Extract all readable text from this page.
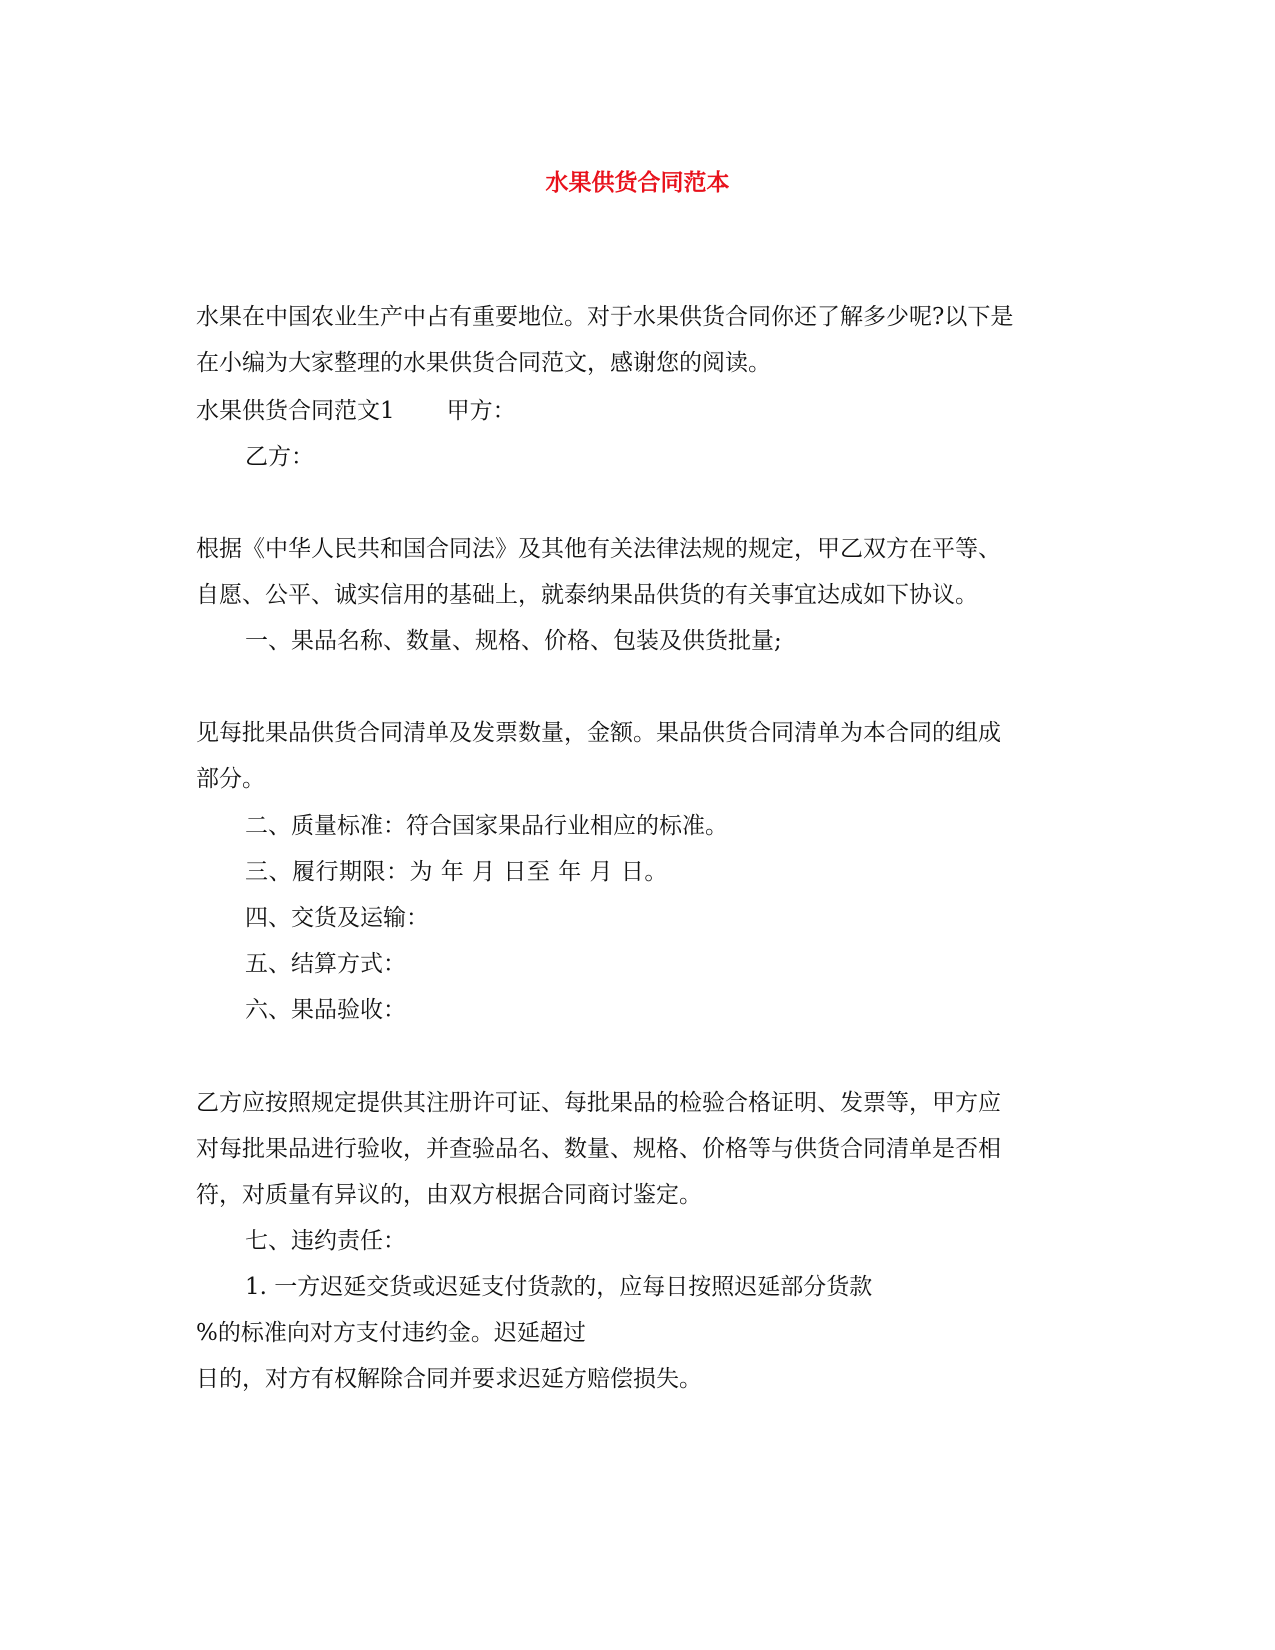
水果供货合同范本
水果在中国农业生产中占有重要地位。对于水果供货合同你还了解多少呢?以下是
在小编为大家整理的水果供货合同范文，感谢您的阅读。
水果供货合同范文1 甲方：
乙方：
根据《中华人民共和国合同法》及其他有关法律法规的规定，甲乙双方在平等、
自愿、公平、诚实信用的基础上，就泰纳果品供货的有关事宜达成如下协议。
一、果品名称、数量、规格、价格、包装及供货批量;
见每批果品供货合同清单及发票数量，金额。果品供货合同清单为本合同的组成
部分。
二、质量标准：符合国家果品行业相应的标准。
三、履行期限：为 年 月 日至 年 月 日。
四、交货及运输：
五、结算方式：
六、果品验收：
乙方应按照规定提供其注册许可证、每批果品的检验合格证明、发票等，甲方应
对每批果品进行验收，并查验品名、数量、规格、价格等与供货合同清单是否相
符，对质量有异议的，由双方根据合同商讨鉴定。
七、违约责任：
1. 一方迟延交货或迟延支付货款的，应每日按照迟延部分货款
%的标准向对方支付违约金。迟延超过
日的，对方有权解除合同并要求迟延方赔偿损失。
